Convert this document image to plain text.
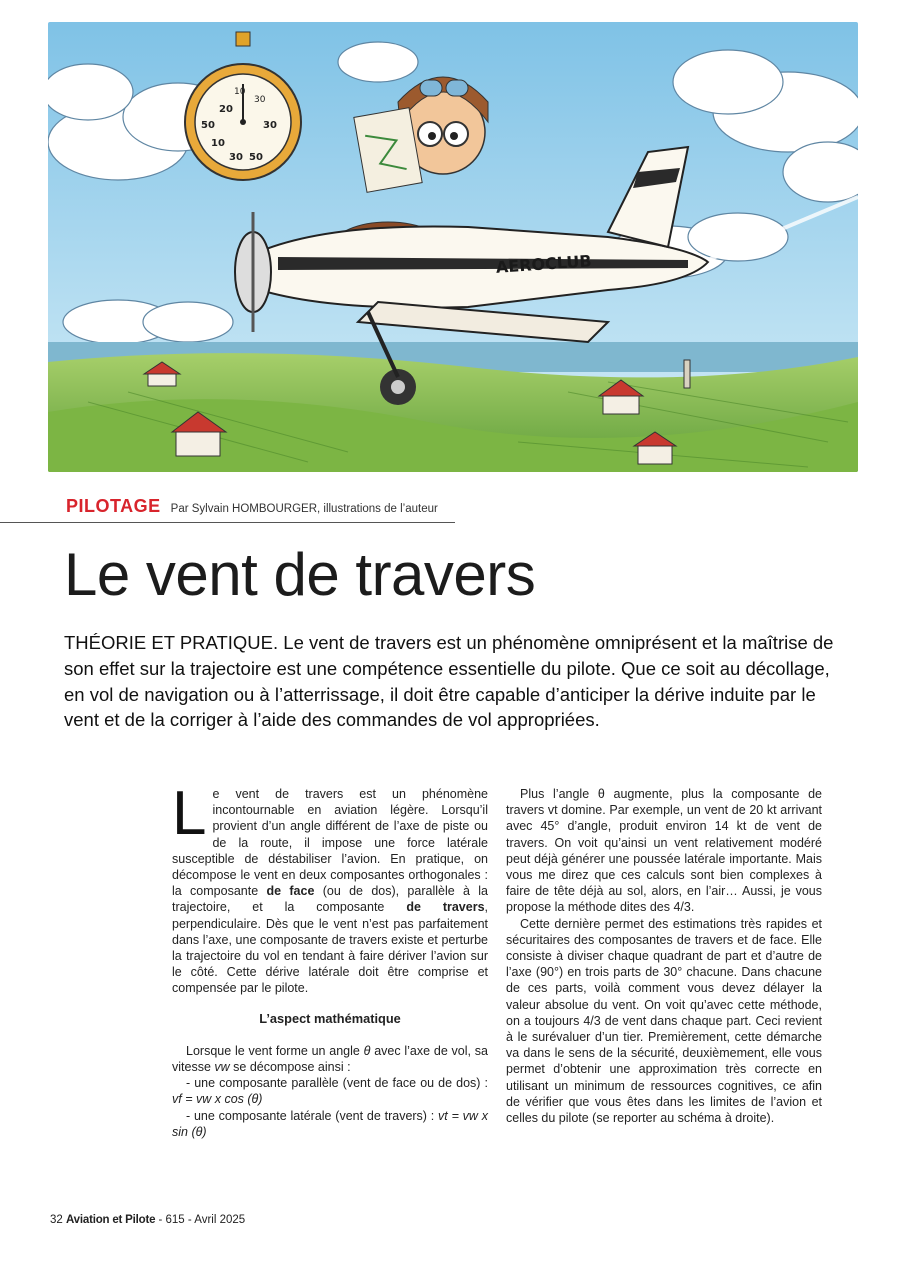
20
50	30
10
30 50
10
30
AEROCLUB
PILOTAGE Par Sylvain HOMBOURGER, illustrations de l’auteur
Le vent de travers

THÉORIE ET PRATIQUE. Le vent de travers est un phénomène omniprésent et la maîtrise de son effet sur la trajectoire est une compétence essentielle du pilote. Que ce soit au décollage, en vol de navigation ou à l’atterrissage, il doit être capable d’anticiper la dérive induite par le vent et de la corriger à l’aide des commandes de vol appropriées.

Le vent de travers est un phénomène incontournable en aviation légère. Lorsqu’il provient d’un angle différent de l’axe de piste ou de la route, il impose une force latérale susceptible de déstabiliser l’avion. En pratique, on décompose le vent en deux composantes orthogonales : la composante de face (ou de dos), parallèle à la trajectoire, et la composante de travers, perpendiculaire. Dès que le vent n’est pas parfaitement dans l’axe, une composante de travers existe et perturbe la trajectoire du vol en tendant à faire dériver l’avion sur le côté. Cette dérive latérale doit être comprise et compensée par le pilote.

L’aspect mathématique

Lorsque le vent forme un angle θ avec l’axe de vol, sa vitesse vw se décompose ainsi :

- une composante parallèle (vent de face ou de dos) : vf = vw x cos (θ)

- une composante latérale (vent de travers) : vt = vw x sin (θ)

Plus l’angle θ augmente, plus la composante de travers vt domine. Par exemple, un vent de 20 kt arrivant avec 45° d’angle, produit environ 14 kt de vent de travers. On voit qu’ainsi un vent relativement modéré peut déjà générer une poussée latérale importante. Mais vous me direz que ces calculs sont bien complexes à faire de tête déjà au sol, alors, en l’air… Aussi, je vous propose la méthode dites des 4/3.

Cette dernière permet des estimations très rapides et sécuritaires des composantes de travers et de face. Elle consiste à diviser chaque quadrant de part et d’autre de l’axe (90°) en trois parts de 30° chacune. Dans chacune de ces parts, voilà comment vous devez délayer la valeur absolue du vent. On voit qu’avec cette méthode, on a toujours 4/3 de vent dans chaque part. Ceci revient à le surévaluer d’un tier. Premièrement, cette démarche va dans le sens de la sécurité, deuxièmement, elle vous permet d’obtenir une approximation très correcte en utilisant un minimum de ressources cognitives, ce afin de vérifier que vous êtes dans les limites de l’avion et celles du pilote (se reporter au schéma à droite).

32 Aviation et Pilote - 615 - Avril 2025
